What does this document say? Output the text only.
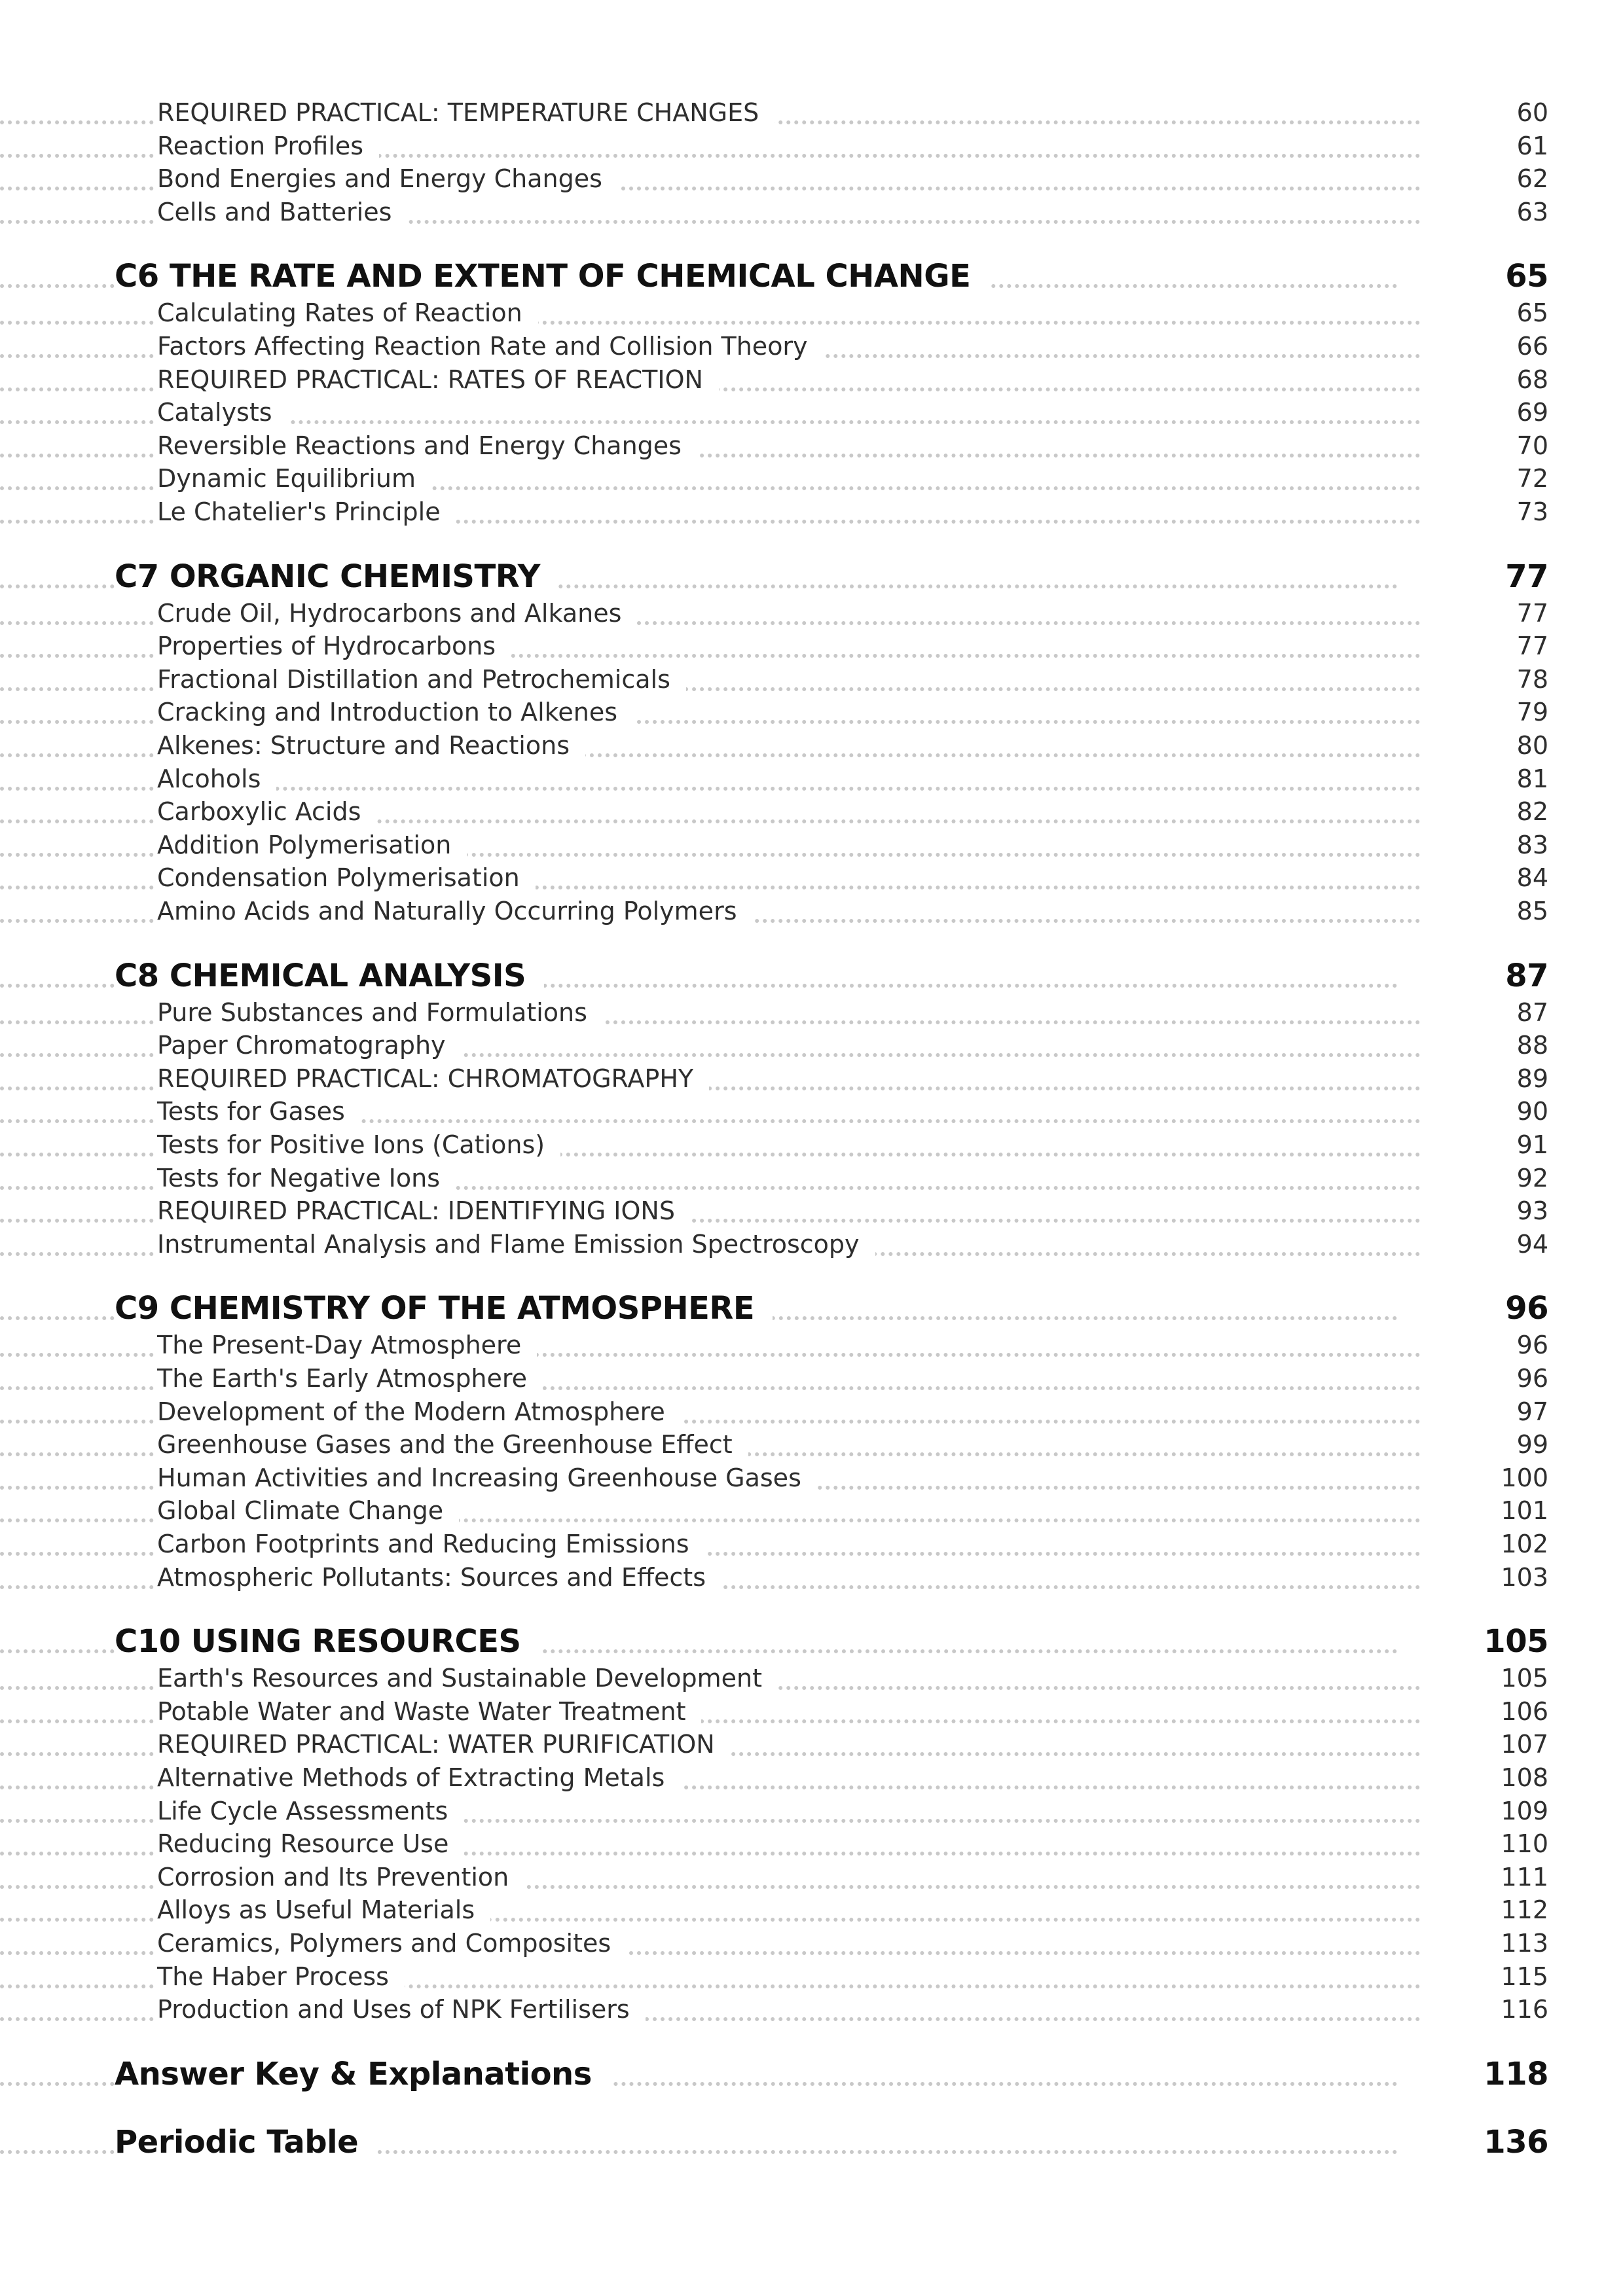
REQUIRED PRACTICAL: TEMPERATURE CHANGES	60
Reaction Profiles	61
Bond Energies and Energy Changes	62
Cells and Batteries	63
C6 THE RATE AND EXTENT OF CHEMICAL CHANGE	65
Calculating Rates of Reaction	65
Factors Affecting Reaction Rate and Collision Theory	66
REQUIRED PRACTICAL: RATES OF REACTION	68
Catalysts	69
Reversible Reactions and Energy Changes	70
Dynamic Equilibrium	72
Le Chatelier's Principle	73
C7 ORGANIC CHEMISTRY	77
Crude Oil, Hydrocarbons and Alkanes	77
Properties of Hydrocarbons	77
Fractional Distillation and Petrochemicals	78
Cracking and Introduction to Alkenes	79
Alkenes: Structure and Reactions	80
Alcohols	81
Carboxylic Acids	82
Addition Polymerisation	83
Condensation Polymerisation	84
Amino Acids and Naturally Occurring Polymers	85
C8 CHEMICAL ANALYSIS	87
Pure Substances and Formulations	87
Paper Chromatography	88
REQUIRED PRACTICAL: CHROMATOGRAPHY	89
Tests for Gases	90
Tests for Positive Ions (Cations)	91
Tests for Negative Ions	92
REQUIRED PRACTICAL: IDENTIFYING IONS	93
Instrumental Analysis and Flame Emission Spectroscopy	94
C9 CHEMISTRY OF THE ATMOSPHERE	96
The Present-Day Atmosphere	96
The Earth's Early Atmosphere	96
Development of the Modern Atmosphere	97
Greenhouse Gases and the Greenhouse Effect	99
Human Activities and Increasing Greenhouse Gases	100
Global Climate Change	101
Carbon Footprints and Reducing Emissions	102
Atmospheric Pollutants: Sources and Effects	103
C10 USING RESOURCES	105
Earth's Resources and Sustainable Development	105
Potable Water and Waste Water Treatment	106
REQUIRED PRACTICAL: WATER PURIFICATION	107
Alternative Methods of Extracting Metals	108
Life Cycle Assessments	109
Reducing Resource Use	110
Corrosion and Its Prevention	111
Alloys as Useful Materials	112
Ceramics, Polymers and Composites	113
The Haber Process	115
Production and Uses of NPK Fertilisers	116
Answer Key & Explanations	118
Periodic Table	136
